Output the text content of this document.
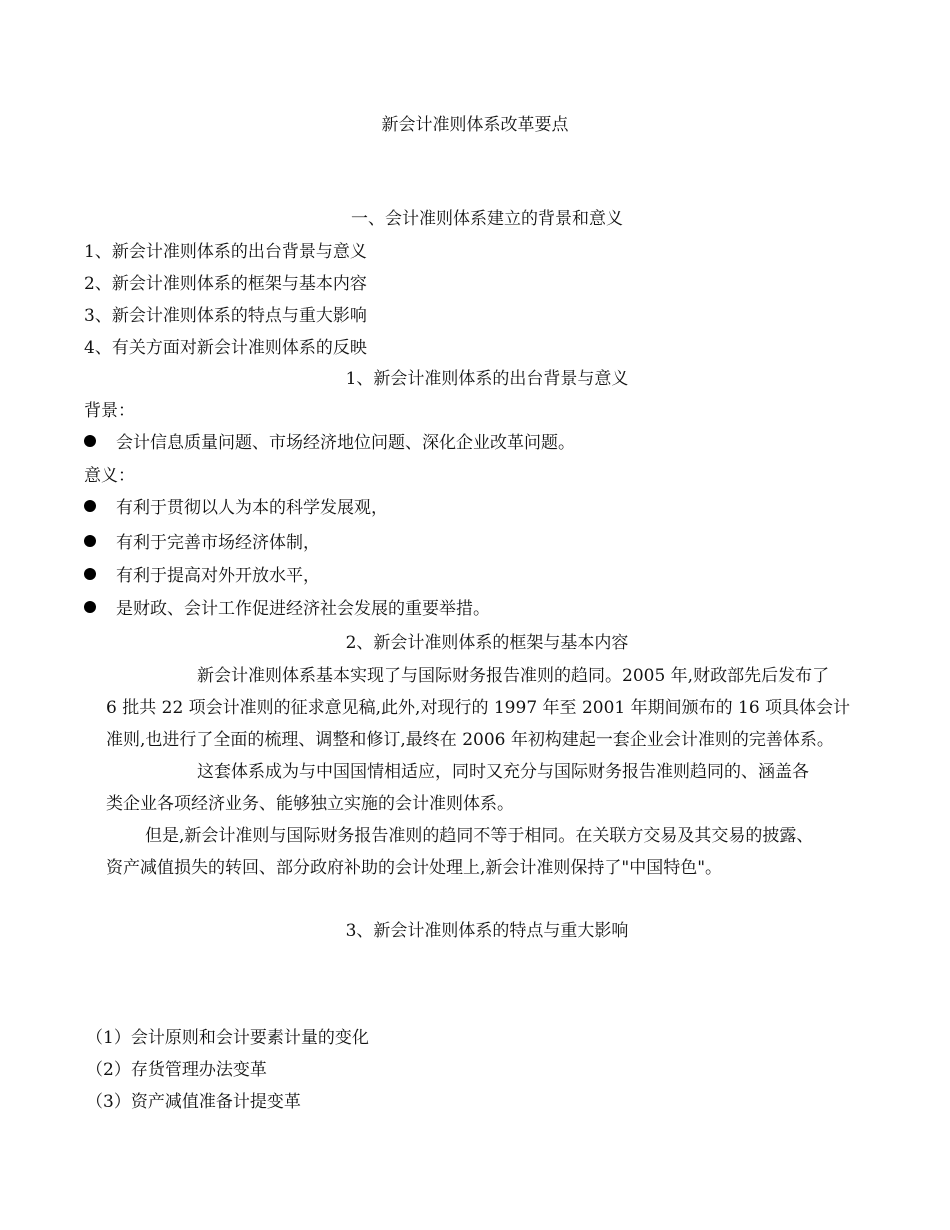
新会计准则体系改革要点
一、会计准则体系建立的背景和意义
1、新会计准则体系的出台背景与意义
2、新会计准则体系的框架与基本内容
3、新会计准则体系的特点与重大影响
4、有关方面对新会计准则体系的反映
1、新会计准则体系的出台背景与意义
背景：
会计信息质量问题、市场经济地位问题、深化企业改革问题。
意义：
有利于贯彻以人为本的科学发展观，
有利于完善市场经济体制，
有利于提高对外开放水平，
是财政、会计工作促进经济社会发展的重要举措。
2、新会计准则体系的框架与基本内容
新会计准则体系基本实现了与国际财务报告准则的趋同。2005 年,财政部先后发布了
6 批共 22 项会计准则的征求意见稿,此外,对现行的 1997 年至 2001 年期间颁布的 16 项具体会计
准则,也进行了全面的梳理、调整和修订,最终在 2006 年初构建起一套企业会计准则的完善体系。
这套体系成为与中国国情相适应，同时又充分与国际财务报告准则趋同的、涵盖各
类企业各项经济业务、能够独立实施的会计准则体系。
但是,新会计准则与国际财务报告准则的趋同不等于相同。在关联方交易及其交易的披露、
资产减值损失的转回、部分政府补助的会计处理上,新会计准则保持了"中国特色"。
3、新会计准则体系的特点与重大影响
（1）会计原则和会计要素计量的变化
（2）存货管理办法变革
（3）资产减值准备计提变革
